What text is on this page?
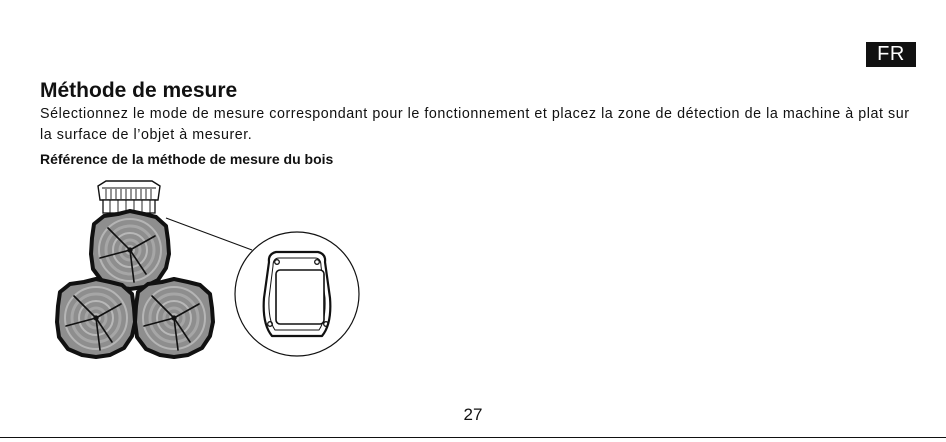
FR
Méthode de mesure

Sélectionnez le mode de mesure correspondant pour le fonctionnement et placez la zone de détection de la machine à plat sur la surface de l’objet à mesurer.

Référence de la méthode de mesure du bois
27
